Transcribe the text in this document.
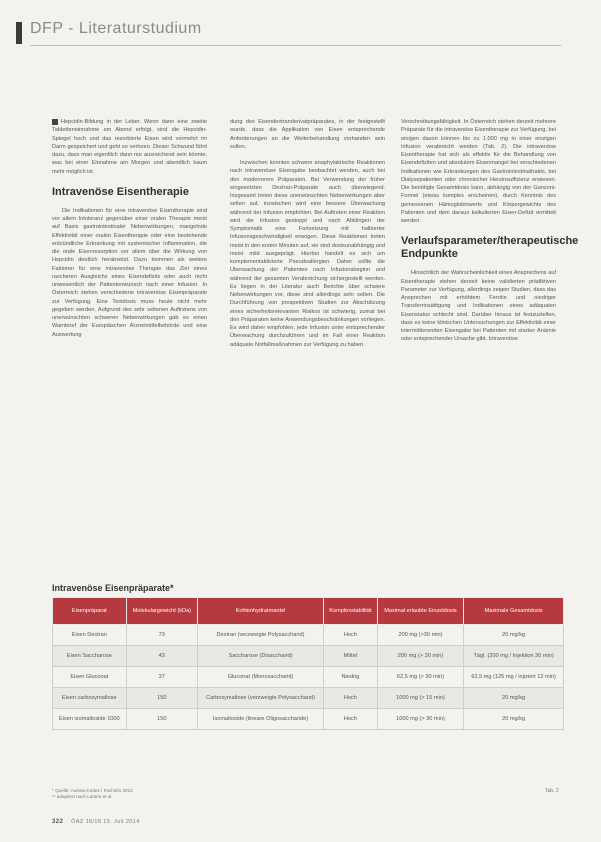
DFP - Literaturstudium

Hepcidin-Bildung in der Leber. Wenn dann eine zweite Tabletteneinnahme am Abend erfolgt, sind die Hepcidin-Spiegel hoch und das resorbierte Eisen wird vermehrt im Darm gespeichert und geht so verloren. Dieser Schwund führt dazu, dass man eigentlich dann nur ausreichend sein könnte, was bei einer Einnahme am Morgen und abendlich kaum mehr möglich ist.

Intravenöse Eisentherapie

Die Indikationen für eine intravenöse Eisentherapie sind vor allem Intoleranz gegenüber einer oralen Therapie meist auf Basis gastrointestinaler Nebenwirkungen, mangelnde Effektivität einer oralen Eisentherapie oder eine bestehende entzündliche Erkrankung mit systemischer Inflammation, die die orale Eisenresorption vor allem über die Wirkung von Hepcidin deutlich herabsetzt. Dazu kommen als weitere Faktoren für eine intravenöse Therapie das Ziel eines rascheren Ausgleichs eines Eisendefizits oder auch nicht unwesentlich der Patientenwunsch nach einer Infusion. In Österreich stehen verschiedene intravenöse Eisenpräparate zur Verfügung. Eine Testdosis muss heute nicht mehr gegeben werden. Aufgrund des sehr seltenen Auftretens von unerwünschten schweren Nebenwirkungen gab es einen Warnbrief der Europäischen Arzneimittelbehörde und eine Auswertung

dung des Eisendextranderivatpräparates, in der festgestellt wurde, dass die Applikation von Eisen entsprechende Anforderungen an die Weiterbehandlung vorhanden sein sollen.

Inzwischen konnten schwere anaphylaktische Reaktionen nach intravenöser Eisengabe beobachtet werden, auch bei den moderneren Präparaten. Bei Verwendung der früher eingesetzten Dextran-Präparate auch überwiegend. Insgesamt treten diese unerwünschten Nebenwirkungen aber selten auf, inzwischen wird eine bessere Überwachung während der Infusion empfohlen. Bei Auftreten einer Reaktion wird die Infusion gestoppt und nach Abklingen der Symptomatik eine Fortsetzung mit halbierter Infusionsgeschwindigkeit erwogen. Diese Reaktionen treten meist in den ersten Minuten auf, sie sind dosisunabhängig und meist mild ausgeprägt. Hierbei handelt es sich um komplementaktivierte Pseudoallergien. Daher sollte die Überwachung der Patienten nach Infusionsbeginn und während der gesamten Verabreichung sichergestellt werden. Es liegen in der Literatur auch Berichte über schwere Nebenwirkungen vor, diese sind allerdings sehr selten. Die Durchführung von prospektiven Studien zur Abschätzung eines sicherheitsrelevanten Risikos ist schwierig, zumal bei den Präparaten keine Anwendungsbeschränkungen vorliegen. Es wird daher empfohlen, jede Infusion unter entsprechender Überwachung durchzuführen und im Fall einer Reaktion adäquate Notfallmaßnahmen zur Verfügung zu haben.

Verschreibungsfähigkeit. In Österreich stehen derzeit mehrere Präparate für die intravenöse Eisentherapie zur Verfügung, bei einigen davon können bis zu 1.000 mg in einer einzigen Infusion verabreicht werden (Tab. 2). Die intravenöse Eisentherapie hat sich als effektiv für die Behandlung von Eisendefiziten und absolutem Eisenmangel bei verschiedenen Indikationen wie Erkrankungen des Gastrointestinaltrakts, bei Dialysepatienten oder chronischer Herzinsuffizienz erwiesen. Die benötigte Gesamtdosis kann, abhängig von der Ganzoni-Formel (etwas komplex erscheinen), durch Kenntnis des gemessenen Hämoglobinwerts und Körpergewichts des Patienten und dem daraus kalkulierten Eisen-Defizit ermittelt werden.

Verlaufsparameter/therapeutische Endpunkte

Hinsichtlich der Wahrscheinlichkeit eines Ansprechens auf Eisentherapie stehen derzeit keine validierten prädiktiven Parameter zur Verfügung, allerdings zeigen Studien, dass das Ansprechen mit erhöhtem Ferritin und niedriger Transferrinsättigung und Indikationen eines adäquaten Eisenstatus schlecht sind. Darüber hinaus ist festzustellen, dass es keine klinischen Untersuchungen zur Effektivität einer intermittierenden Eisengabe bei Patienten mit starker Anämie oder entsprechender Ursache gibt. Intravenöse

Intravenöse Eisenpräparate*
Eisenpräparat	Molekulargewicht (kDa)	Kohlenhydratmantel	Komplexstabilität	Maximal erlaubte Einzeldosis	Maximale Gesamtdosis
Eisen Dextran	73	Dextran (verzweigte Polysaccharid)	Hoch	200 mg (>30 min)	20 mg/kg
Eisen Saccharose	43	Saccharose (Disaccharid)	Mittel	200 mg (> 30 min)	Tägl. (200 mg / Injektion 30 min)
Eisen Gluconat	37	Gluconat (Monosaccharid)	Niedrig	62,5 mg (> 30 min)	62,5 mg (125 mg / injiziert 12 min)
Eisen carboxymaltose	150	Carboxymaltose (verzweigte Polysaccharid)	Hoch	1000 mg (> 15 min)	20 mg/kg
Eisen isomaltoside 1000	150	Isomaltoside (lineare Oligosaccharide)	Hoch	1000 mg (> 30 min)	20 mg/kg
* Quelle: Austria-Codex / Fachinfo 2012
** adaptiert nach Larsen et al.
Tab. 2
322 ÖAZ 16/18 15. Juli 2014
